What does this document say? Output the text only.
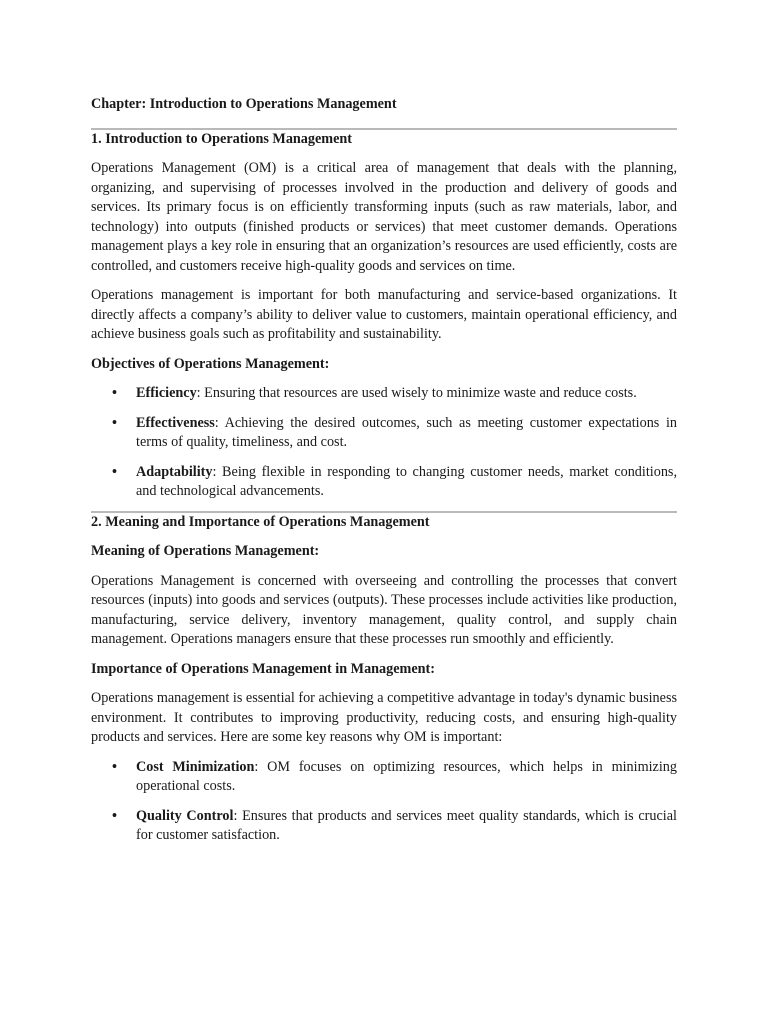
Chapter: Introduction to Operations Management

1. Introduction to Operations Management

Operations Management (OM) is a critical area of management that deals with the planning, organizing, and supervising of processes involved in the production and delivery of goods and services. Its primary focus is on efficiently transforming inputs (such as raw materials, labor, and technology) into outputs (finished products or services) that meet customer demands. Operations management plays a key role in ensuring that an organization’s resources are used efficiently, costs are controlled, and customers receive high-quality goods and services on time.

Operations management is important for both manufacturing and service-based organizations. It directly affects a company’s ability to deliver value to customers, maintain operational efficiency, and achieve business goals such as profitability and sustainability.

Objectives of Operations Management:

• Efficiency: Ensuring that resources are used wisely to minimize waste and reduce costs.
• Effectiveness: Achieving the desired outcomes, such as meeting customer expectations in terms of quality, timeliness, and cost.
• Adaptability: Being flexible in responding to changing customer needs, market conditions, and technological advancements.
2. Meaning and Importance of Operations Management

Meaning of Operations Management:

Operations Management is concerned with overseeing and controlling the processes that convert resources (inputs) into goods and services (outputs). These processes include activities like production, manufacturing, service delivery, inventory management, quality control, and supply chain management. Operations managers ensure that these processes run smoothly and efficiently.

Importance of Operations Management in Management:

Operations management is essential for achieving a competitive advantage in today's dynamic business environment. It contributes to improving productivity, reducing costs, and ensuring high-quality products and services. Here are some key reasons why OM is important:

• Cost Minimization: OM focuses on optimizing resources, which helps in minimizing operational costs.
• Quality Control: Ensures that products and services meet quality standards, which is crucial for customer satisfaction.
